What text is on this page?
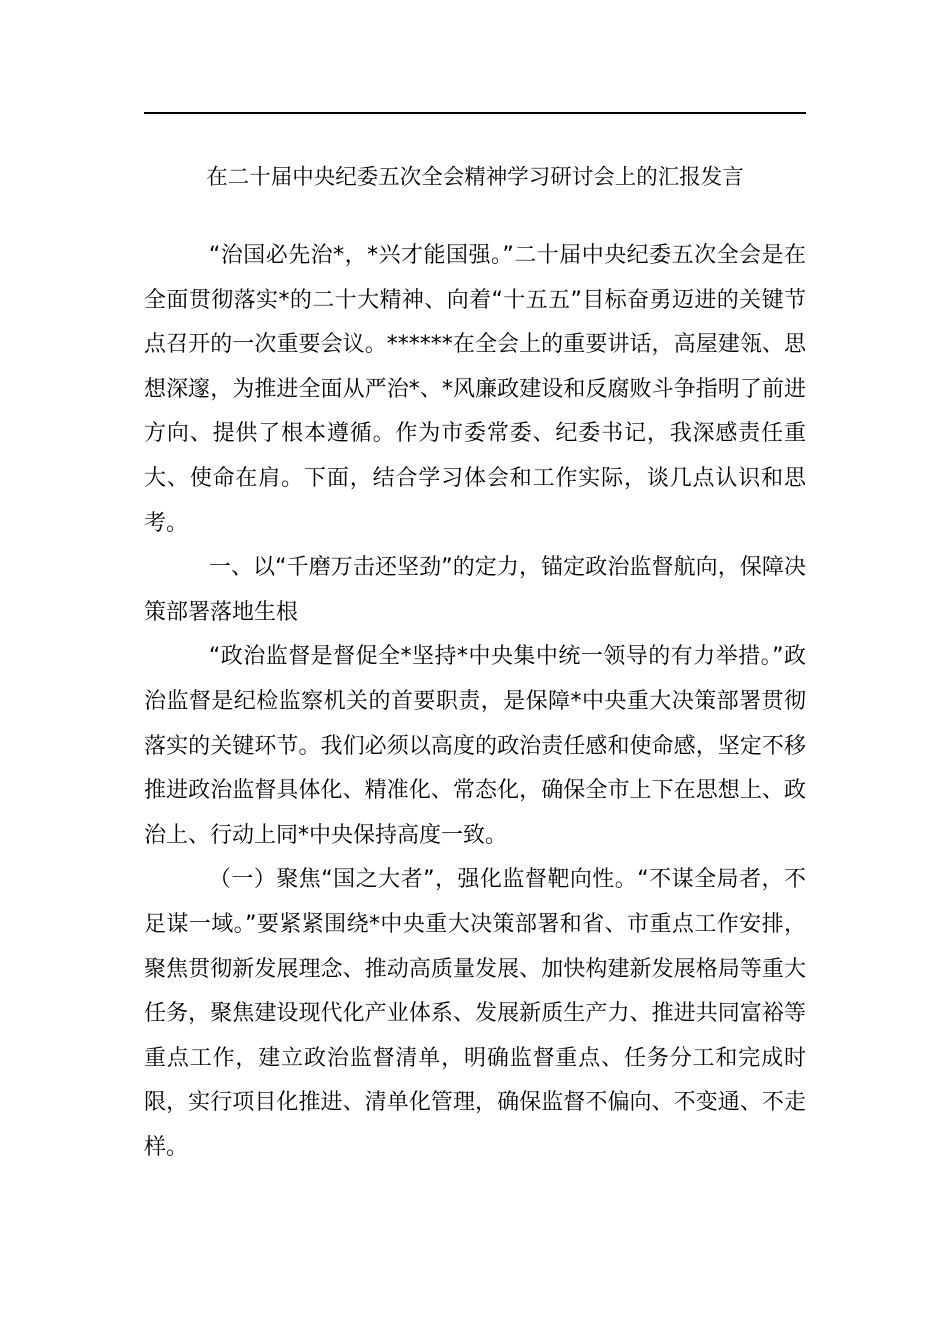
在二十届中央纪委五次全会精神学习研讨会上的汇报发言

“治国必先治*，*兴才能国强。”二十届中央纪委五次全会是在全面贯彻落实*的二十大精神、向着“十五五”目标奋勇迈进的关键节点召开的一次重要会议。******在全会上的重要讲话，高屋建瓴、思想深邃，为推进全面从严治*、*风廉政建设和反腐败斗争指明了前进方向、提供了根本遵循。作为市委常委、纪委书记，我深感责任重大、使命在肩。下面，结合学习体会和工作实际，谈几点认识和思考。

一、以“千磨万击还坚劲”的定力，锚定政治监督航向，保障决策部署落地生根

“政治监督是督促全*坚持*中央集中统一领导的有力举措。”政治监督是纪检监察机关的首要职责，是保障*中央重大决策部署贯彻落实的关键环节。我们必须以高度的政治责任感和使命感，坚定不移推进政治监督具体化、精准化、常态化，确保全市上下在思想上、政治上、行动上同*中央保持高度一致。

（一）聚焦“国之大者”，强化监督靶向性。“不谋全局者，不足谋一域。”要紧紧围绕*中央重大决策部署和省、市重点工作安排，聚焦贯彻新发展理念、推动高质量发展、加快构建新发展格局等重大任务，聚焦建设现代化产业体系、发展新质生产力、推进共同富裕等重点工作，建立政治监督清单，明确监督重点、任务分工和完成时限，实行项目化推进、清单化管理，确保监督不偏向、不变通、不走样。
